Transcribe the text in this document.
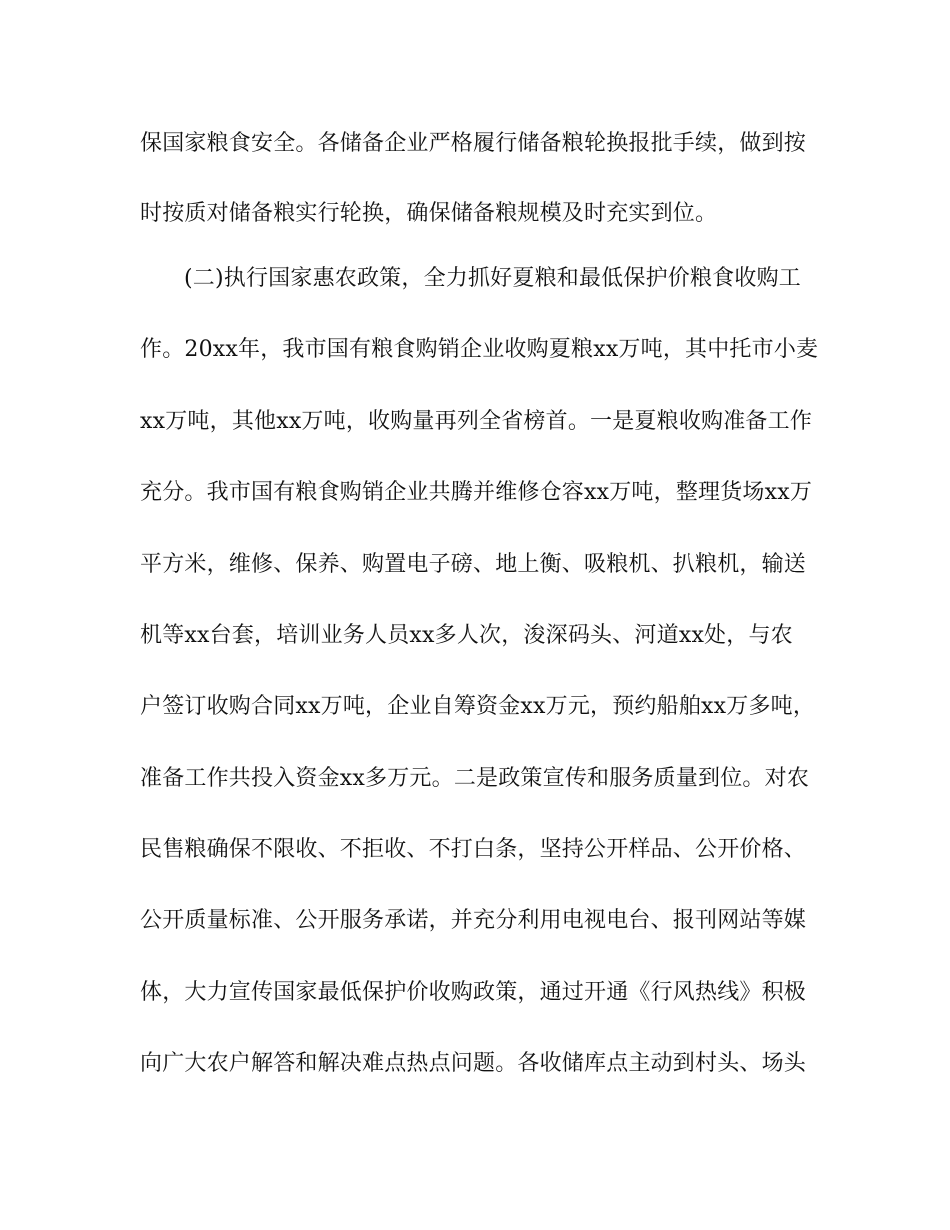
保国家粮食安全。各储备企业严格履行储备粮轮换报批手续，做到按
时按质对储备粮实行轮换，确保储备粮规模及时充实到位。
(二)执行国家惠农政策，全力抓好夏粮和最低保护价粮食收购工
作。20xx年，我市国有粮食购销企业收购夏粮xx万吨，其中托市小麦
xx万吨，其他xx万吨，收购量再列全省榜首。一是夏粮收购准备工作
充分。我市国有粮食购销企业共腾并维修仓容xx万吨，整理货场xx万
平方米，维修、保养、购置电子磅、地上衡、吸粮机、扒粮机，输送
机等xx台套，培训业务人员xx多人次，浚深码头、河道xx处，与农
户签订收购合同xx万吨，企业自筹资金xx万元，预约船舶xx万多吨，
准备工作共投入资金xx多万元。二是政策宣传和服务质量到位。对农
民售粮确保不限收、不拒收、不打白条，坚持公开样品、公开价格、
公开质量标准、公开服务承诺，并充分利用电视电台、报刊网站等媒
体，大力宣传国家最低保护价收购政策，通过开通《行风热线》积极
向广大农户解答和解决难点热点问题。各收储库点主动到村头、场头
